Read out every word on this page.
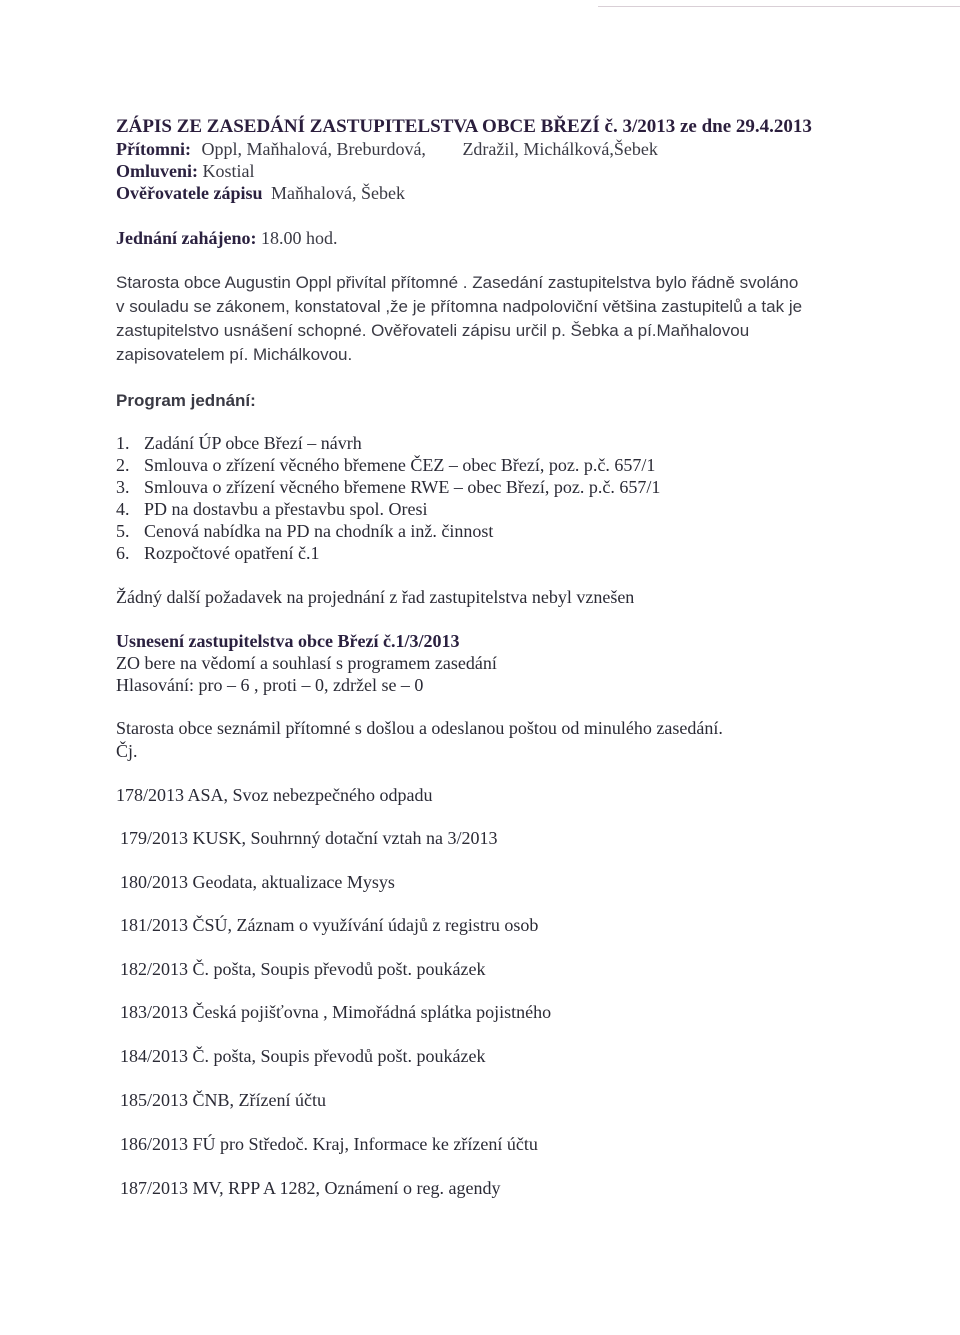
ZÁPIS ZE ZASEDÁNÍ ZASTUPITELSTVA OBCE BŘEZÍ č. 3/2013 ze dne 29.4.2013
Přítomni: Oppl, Maňhalová, Breburdová, Zdražil, Michálková,Šebek
Omluveni: Kostial
Ověřovatele zápisu Maňhalová, Šebek
Jednání zahájeno: 18.00 hod.
Starosta obce Augustin Oppl přivítal přítomné . Zasedání zastupitelstva bylo řádně svoláno
v souladu se zákonem, konstatoval ,že je přítomna nadpoloviční většina zastupitelů a tak je
zastupitelstvo usnášení schopné. Ověřovateli zápisu určil p. Šebka a pí.Maňhalovou
zapisovatelem pí. Michálkovou.
Program jednání:
1. Zadání ÚP obce Březí – návrh
2. Smlouva o zřízení věcného břemene ČEZ – obec Březí, poz. p.č. 657/1
3. Smlouva o zřízení věcného břemene RWE – obec Březí, poz. p.č. 657/1
4. PD na dostavbu a přestavbu spol. Oresi
5. Cenová nabídka na PD na chodník a inž. činnost
6. Rozpočtové opatření č.1
Žádný další požadavek na projednání z řad zastupitelstva nebyl vznešen
Usnesení zastupitelstva obce Březí č.1/3/2013
ZO bere na vědomí a souhlasí s programem zasedání
Hlasování: pro – 6 , proti – 0, zdržel se – 0
Starosta obce seznámil přítomné s došlou a odeslanou poštou od minulého zasedání.
Čj.
178/2013 ASA, Svoz nebezpečného odpadu
179/2013 KUSK, Souhrnný dotační vztah na 3/2013
180/2013 Geodata, aktualizace Mysys
181/2013 ČSÚ, Záznam o využívání údajů z registru osob
182/2013 Č. pošta, Soupis převodů pošt. poukázek
183/2013 Česká pojišťovna , Mimořádná splátka pojistného
184/2013 Č. pošta, Soupis převodů pošt. poukázek
185/2013 ČNB, Zřízení účtu
186/2013 FÚ pro Středoč. Kraj, Informace ke zřízení účtu
187/2013 MV, RPP A 1282, Oznámení o reg. agendy
